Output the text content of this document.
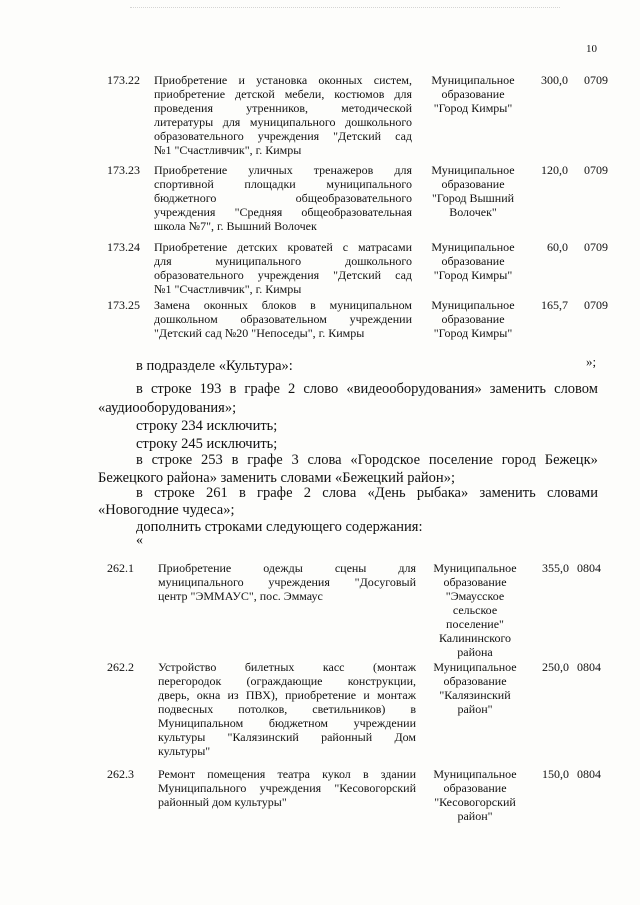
10
173.22 Приобретение и установка оконных систем,
приобретение детской мебели, костюмов для
проведения утренников, методической
литературы для муниципального дошкольного
образовательного учреждения "Детский сад
№1 "Счастливчик", г. Кимры
Муниципальное
образование
"Город Кимры"
300,0 0709
173.23 Приобретение уличных тренажеров для
спортивной площадки муниципального
бюджетного общеобразовательного
учреждения "Средняя общеобразовательная
школа №7", г. Вышний Волочек
Муниципальное
образование
"Город Вышний
Волочек"
120,0 0709
173.24 Приобретение детских кроватей с матрасами
для муниципального дошкольного
образовательного учреждения "Детский сад
№1 "Счастливчик", г. Кимры
Муниципальное
образование
"Город Кимры"
60,0 0709
173.25 Замена оконных блоков в муниципальном
дошкольном образовательном учреждении
"Детский сад №20 "Непоседы", г. Кимры
Муниципальное
образование
"Город Кимры"
165,7 0709
262.1 Приобретение одежды сцены для
муниципального учреждения "Досуговый
центр "ЭММАУС", пос. Эммаус
Муниципальное
образование
"Эмаусское
сельское
поселение"
Калининского
района
355,0 0804
262.2 Устройство билетных касс (монтаж
перегородок (ограждающие конструкции,
дверь, окна из ПВХ), приобретение и монтаж
подвесных потолков, светильников) в
Муниципальном бюджетном учреждении
культуры "Калязинский районный Дом
культуры"
Муниципальное
образование
"Калязинский
район"
250,0 0804
262.3 Ремонт помещения театра кукол в здании
Муниципального учреждения "Кесовогорский
районный дом культуры"
Муниципальное
образование
"Кесовогорский
район"
150,0 0804
»;
в подразделе «Культура»:
в строке 193 в графе 2 слово «видеооборудования» заменить словом
«аудиооборудования»;
строку 234 исключить;
строку 245 исключить;
в строке 253 в графе 3 слова «Городское поселение город Бежецк»
Бежецкого района» заменить словами «Бежецкий район»;
в строке 261 в графе 2 слова «День рыбака» заменить словами
«Новогодние чудеса»;
дополнить строками следующего содержания:
«
